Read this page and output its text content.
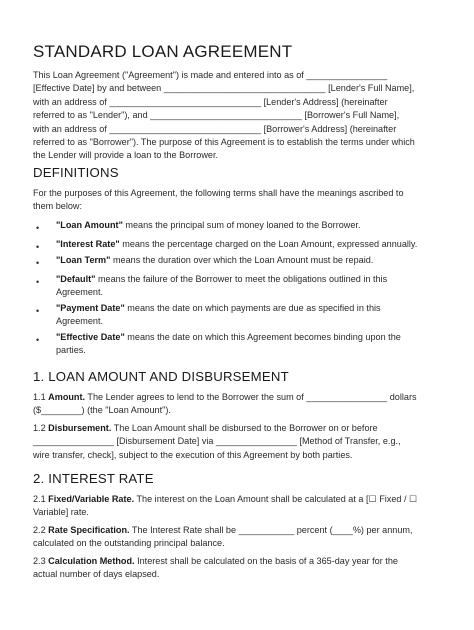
STANDARD LOAN AGREEMENT

This Loan Agreement ("Agreement") is made and entered into as of ________________
[Effective Date] by and between ________________________________ [Lender's Full Name],
with an address of ______________________________ [Lender's Address] (hereinafter
referred to as "Lender"), and ______________________________ [Borrower's Full Name],
with an address of ______________________________ [Borrower's Address] (hereinafter
referred to as "Borrower"). The purpose of this Agreement is to establish the terms under which
the Lender will provide a loan to the Borrower.

DEFINITIONS

For the purposes of this Agreement, the following terms shall have the meanings ascribed to
them below:

• "Loan Amount" means the principal sum of money loaned to the Borrower.

• "Interest Rate" means the percentage charged on the Loan Amount, expressed annually.

• "Loan Term" means the duration over which the Loan Amount must be repaid.

• "Default" means the failure of the Borrower to meet the obligations outlined in this
Agreement.

• "Payment Date" means the date on which payments are due as specified in this
Agreement.

• "Effective Date" means the date on which this Agreement becomes binding upon the
parties.

1. LOAN AMOUNT AND DISBURSEMENT

1.1 Amount. The Lender agrees to lend to the Borrower the sum of ________________ dollars
($________) (the "Loan Amount").

1.2 Disbursement. The Loan Amount shall be disbursed to the Borrower on or before
________________ [Disbursement Date] via ________________ [Method of Transfer, e.g.,
wire transfer, check], subject to the execution of this Agreement by both parties.

2. INTEREST RATE

2.1 Fixed/Variable Rate. The interest on the Loan Amount shall be calculated at a [☐ Fixed / ☐
Variable] rate.

2.2 Rate Specification. The Interest Rate shall be ___________ percent (____%) per annum,
calculated on the outstanding principal balance.

2.3 Calculation Method. Interest shall be calculated on the basis of a 365-day year for the
actual number of days elapsed.
